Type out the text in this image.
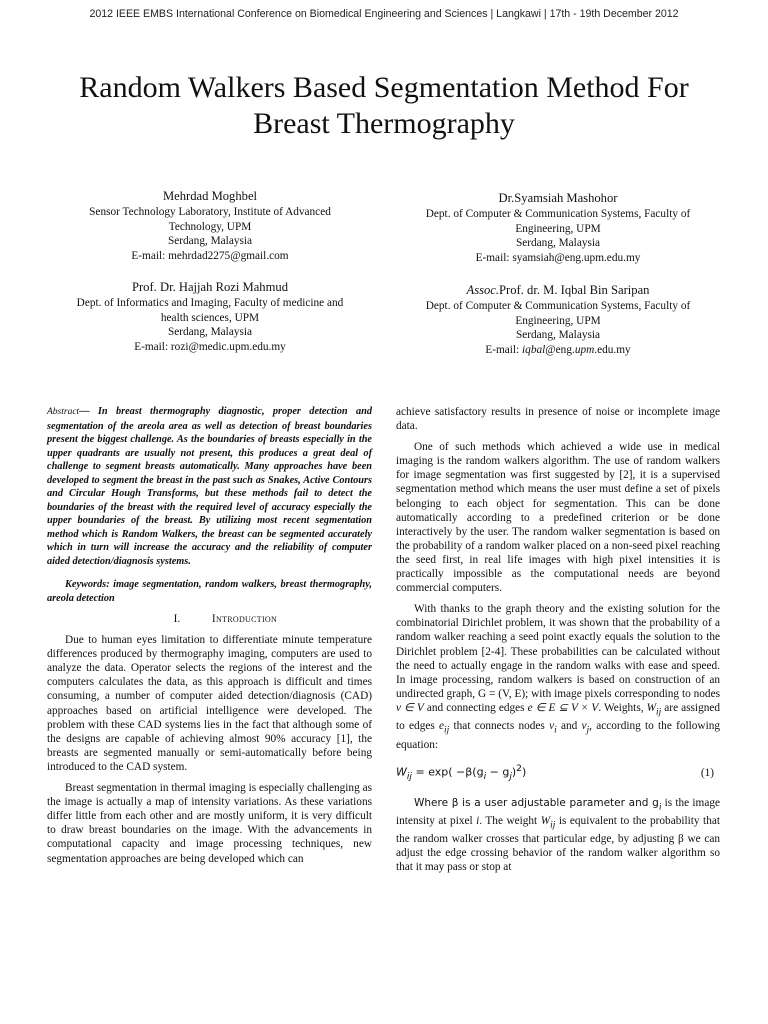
2012 IEEE EMBS International Conference on Biomedical Engineering and Sciences | Langkawi | 17th - 19th December 2012
Random Walkers Based Segmentation Method For
Breast Thermography
Mehrdad Moghbel
Sensor Technology Laboratory, Institute of Advanced
Technology, UPM
Serdang, Malaysia
E-mail: mehrdad2275@gmail.com
Dr.Syamsiah Mashohor
Dept. of Computer & Communication Systems, Faculty of
Engineering, UPM
Serdang, Malaysia
E-mail: syamsiah@eng.upm.edu.my
Prof. Dr. Hajjah Rozi Mahmud
Dept. of Informatics and Imaging, Faculty of medicine and
health sciences, UPM
Serdang, Malaysia
E-mail: rozi@medic.upm.edu.my
Assoc.Prof. dr. M. Iqbal Bin Saripan
Dept. of Computer & Communication Systems, Faculty of
Engineering, UPM
Serdang, Malaysia
E-mail: iqbal@eng.upm.edu.my

Abstract— In breast thermography diagnostic, proper detection and segmentation of the areola area as well as detection of breast boundaries present the biggest challenge. As the boundaries of breasts especially in the upper quadrants are usually not present, this produces a great deal of challenge to segment breasts automatically. Many approaches have been developed to segment the breast in the past such as Snakes, Active Contours and Circular Hough Transforms, but these methods fail to detect the boundaries of the breast with the required level of accuracy especially the upper boundaries of the breast. By utilizing most recent segmentation method which is Random Walkers, the breast can be segmented accurately which in turn will increase the accuracy and the reliability of computer aided detection/diagnosis systems.

Keywords: image segmentation, random walkers, breast thermography, areola detection

I.	Introduction

Due to human eyes limitation to differentiate minute temperature differences produced by thermography imaging, computers are used to analyze the data. Operator selects the regions of the interest and the computers calculates the data, as this approach is difficult and times consuming, a number of computer aided detection/diagnosis (CAD) approaches based on artificial intelligence were developed. The problem with these CAD systems lies in the fact that although some of the designs are capable of achieving almost 90% accuracy [1], the breasts are segmented manually or semi-automatically before being introduced to the CAD system.

Breast segmentation in thermal imaging is especially challenging as the image is actually a map of intensity variations. As these variations differ little from each other and are mostly uniform, it is very difficult to draw breast boundaries on the image. With the advancements in computational capacity and image processing techniques, new segmentation approaches are being developed which can

achieve satisfactory results in presence of noise or incomplete image data.

One of such methods which achieved a wide use in medical imaging is the random walkers algorithm. The use of random walkers for image segmentation was first suggested by [2], it is a supervised segmentation method which means the user must define a set of pixels belonging to each object for segmentation. This can be done automatically according to a predefined criterion or be done interactively by the user. The random walker segmentation is based on the probability of a random walker placed on a non-seed pixel reaching the seed first, in real life images with high pixel intensities it is practically impossible as the computational needs are beyond commercial computers.

With thanks to the graph theory and the existing solution for the combinatorial Dirichlet problem, it was shown that the probability of a random walker reaching a seed point exactly equals the solution to the Dirichlet problem [2-4]. These probabilities can be calculated without the need to actually engage in the random walks with ease and speed. In image processing, random walkers is based on construction of an undirected graph, G = (V, E); with image pixels corresponding to nodes v ∈ V and connecting edges e ∈ E ⊆ V × V. Weights, $W_{ij}$ are assigned to edges $e_{ij}$ that connects nodes $v_i$ and $v_j$, according to the following equation:

$W_{ij} = \exp( -\beta(g_i - g_j)^2)$	(1)

Where β is a user adjustable parameter and $g_i$ is the image intensity at pixel i. The weight $W_{ij}$ is equivalent to the probability that the random walker crosses that particular edge, by adjusting β we can adjust the edge crossing behavior of the random walker algorithm so that it may pass or stop at
